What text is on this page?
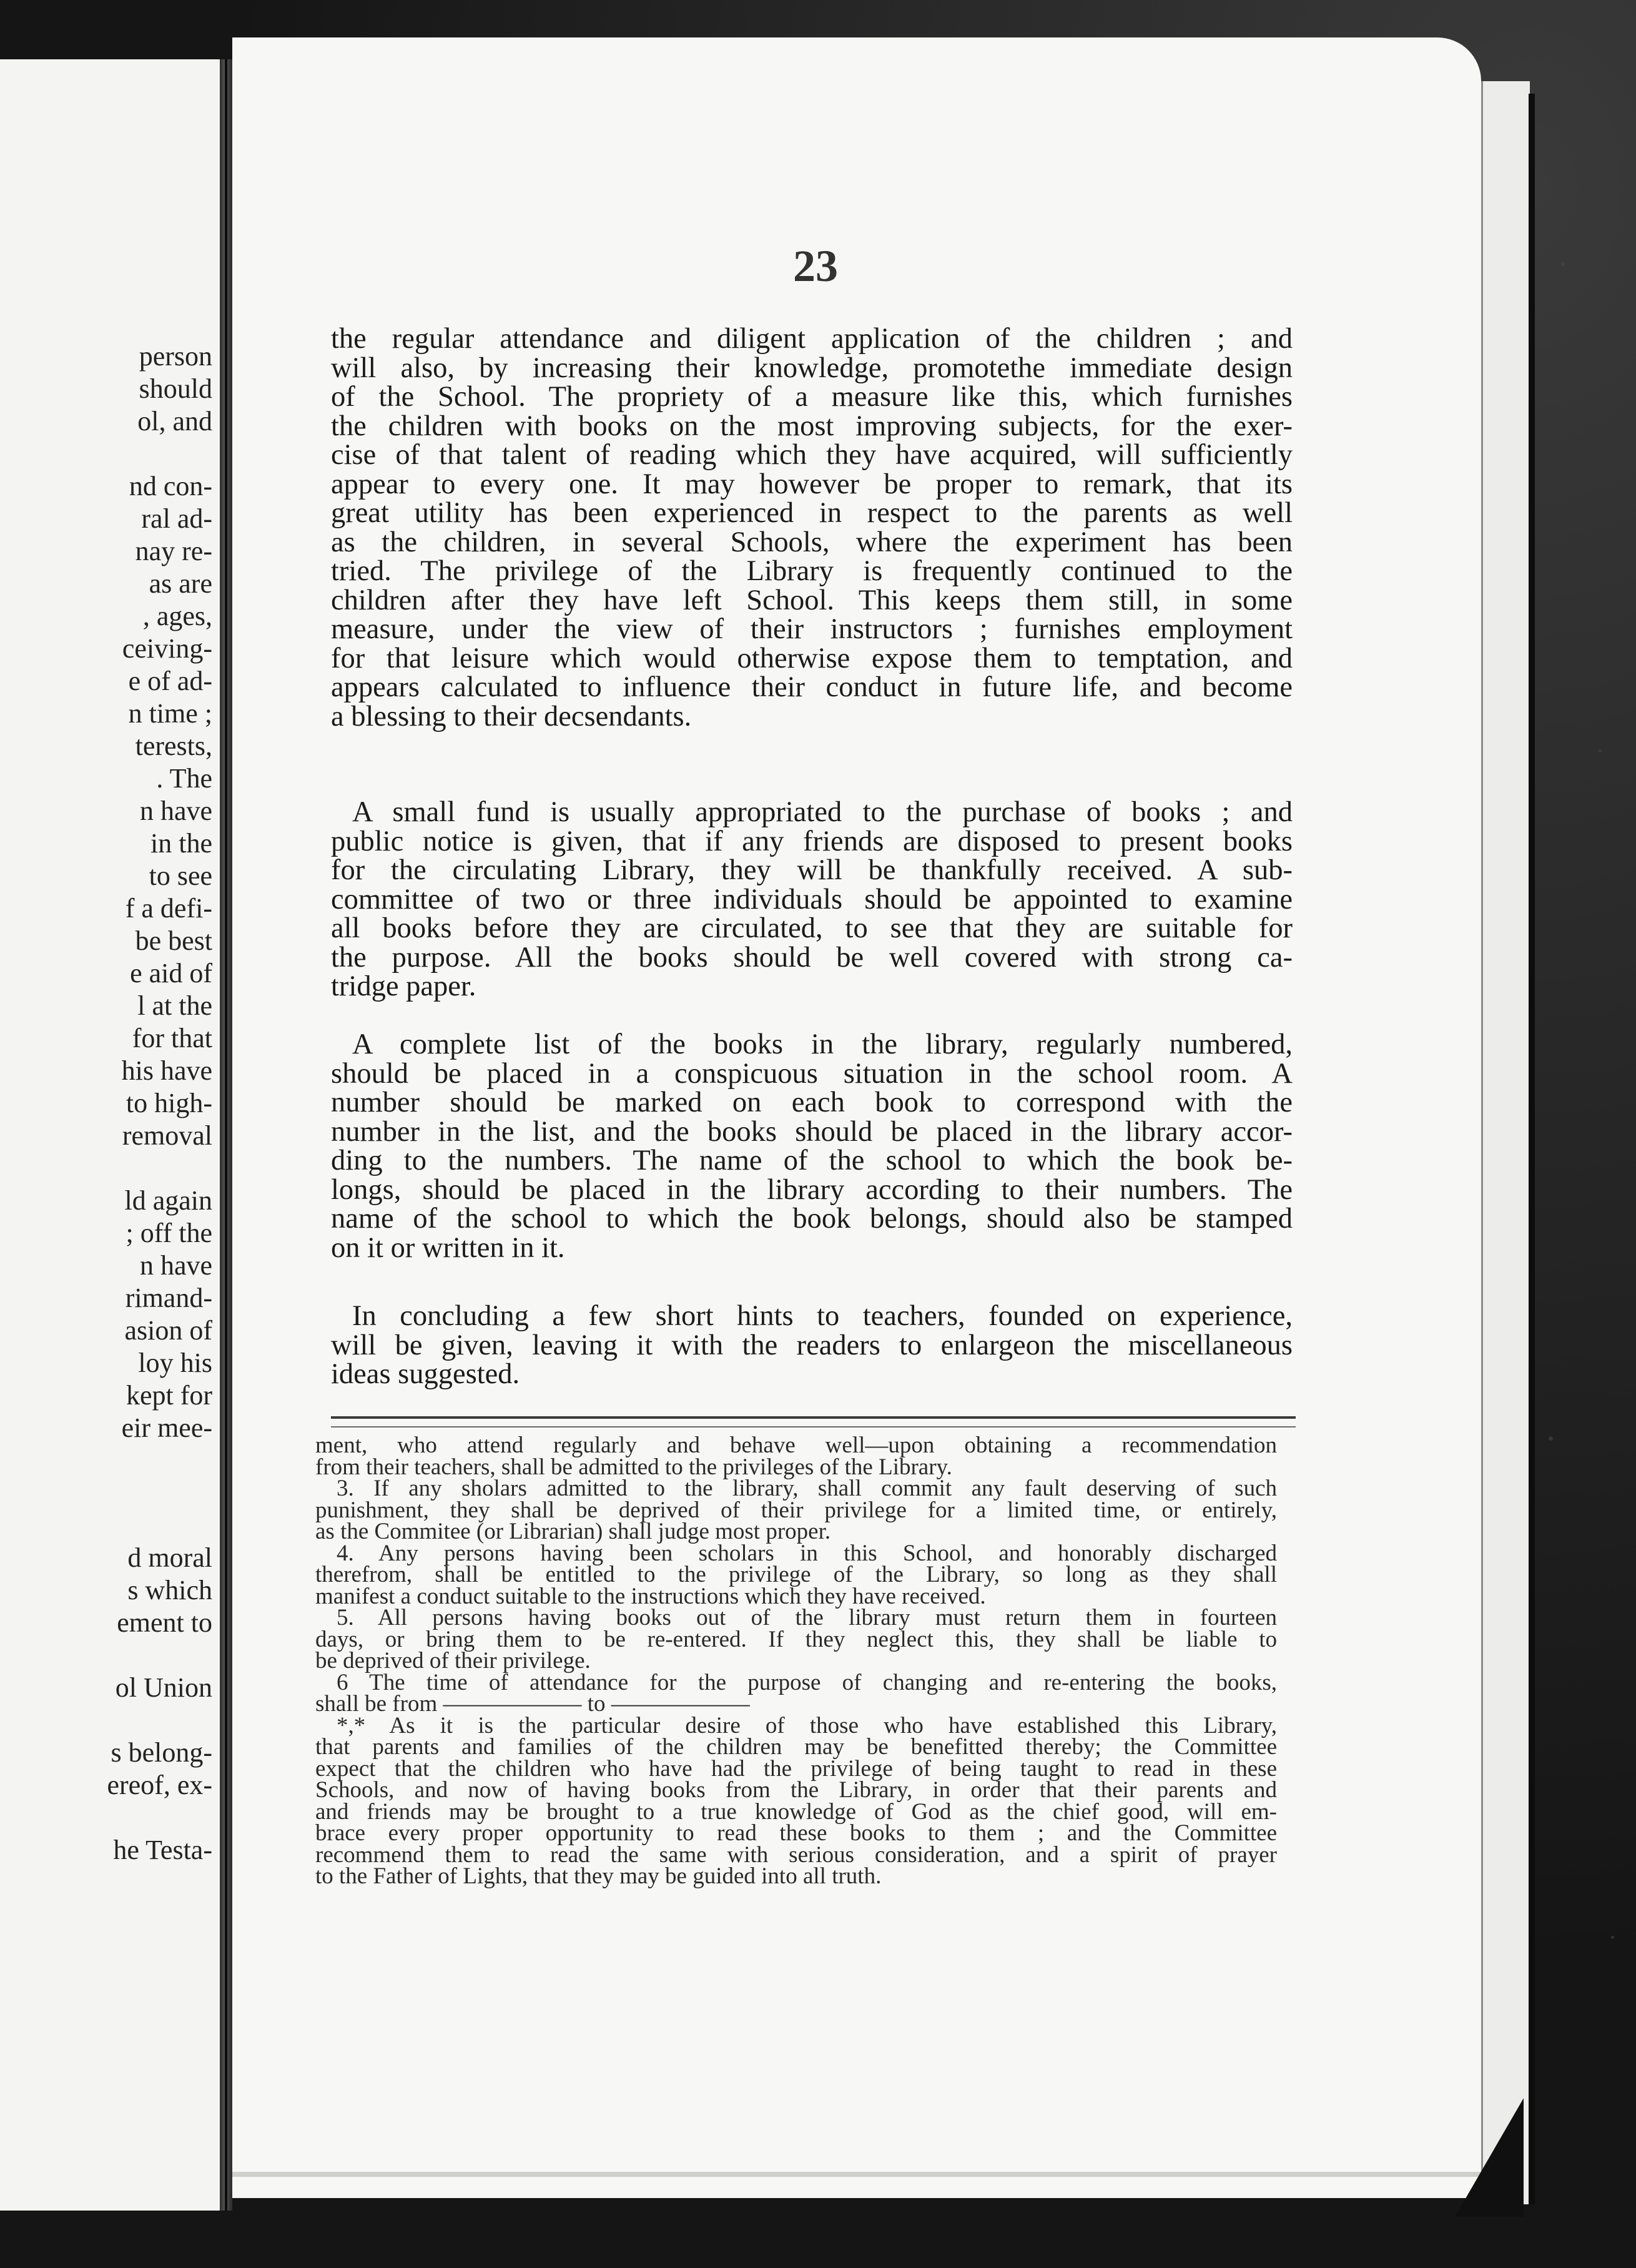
person
should
ol, and
nd con-
ral ad-
nay re-
as are
, ages,
ceiving-
e of ad-
n time ;
terests,
. The
n have
in the
to see
f a defi-
be best
e aid of
l at the
for that
his have
to high-
removal
ld again
; off the
n have
rimand-
asion of
loy his
kept for
eir mee-
d moral
s which
ement to
ol Union
s belong-
ereof, ex-
he Testa-
23
the regular attendance and diligent application of the children ; and
will also, by increasing their knowledge, promotethe immediate design
of the School. The propriety of a measure like this, which furnishes
the children with books on the most improving subjects, for the exer-
cise of that talent of reading which they have acquired, will sufficiently
appear to every one. It may however be proper to remark, that its
great utility has been experienced in respect to the parents as well
as the children, in several Schools, where the experiment has been
tried. The privilege of the Library is frequently continued to the
children after they have left School. This keeps them still, in some
measure, under the view of their instructors ; furnishes employment
for that leisure which would otherwise expose them to temptation, and
appears calculated to influence their conduct in future life, and become
a blessing to their decsendants.
A small fund is usually appropriated to the purchase of books ; and
public notice is given, that if any friends are disposed to present books
for the circulating Library, they will be thankfully received. A sub-
committee of two or three individuals should be appointed to examine
all books before they are circulated, to see that they are suitable for
the purpose. All the books should be well covered with strong ca-
tridge paper.
A complete list of the books in the library, regularly numbered,
should be placed in a conspicuous situation in the school room. A
number should be marked on each book to correspond with the
number in the list, and the books should be placed in the library accor-
ding to the numbers. The name of the school to which the book be-
longs, should be placed in the library according to their numbers. The
name of the school to which the book belongs, should also be stamped
on it or written in it.
In concluding a few short hints to teachers, founded on experience,
will be given, leaving it with the readers to enlargeon the miscellaneous
ideas suggested.
ment, who attend regularly and behave well—upon obtaining a recommendation
from their teachers, shall be admitted to the privileges of the Library.
3. If any sholars admitted to the library, shall commit any fault deserving of such
punishment, they shall be deprived of their privilege for a limited time, or entirely,
as the Commitee (or Librarian) shall judge most proper.
4. Any persons having been scholars in this School, and honorably discharged
therefrom, shall be entitled to the privilege of the Library, so long as they shall
manifest a conduct suitable to the instructions which they have received.
5. All persons having books out of the library must return them in fourteen
days, or bring them to be re-entered. If they neglect this, they shall be liable to
be deprived of their privilege.
6 The time of attendance for the purpose of changing and re-entering the books,
shall be from —————— to ——————
*,* As it is the particular desire of those who have established this Library,
that parents and families of the children may be benefitted thereby; the Committee
expect that the children who have had the privilege of being taught to read in these
Schools, and now of having books from the Library, in order that their parents and
and friends may be brought to a true knowledge of God as the chief good, will em-
brace every proper opportunity to read these books to them ; and the Committee
recommend them to read the same with serious consideration, and a spirit of prayer
to the Father of Lights, that they may be guided into all truth.
